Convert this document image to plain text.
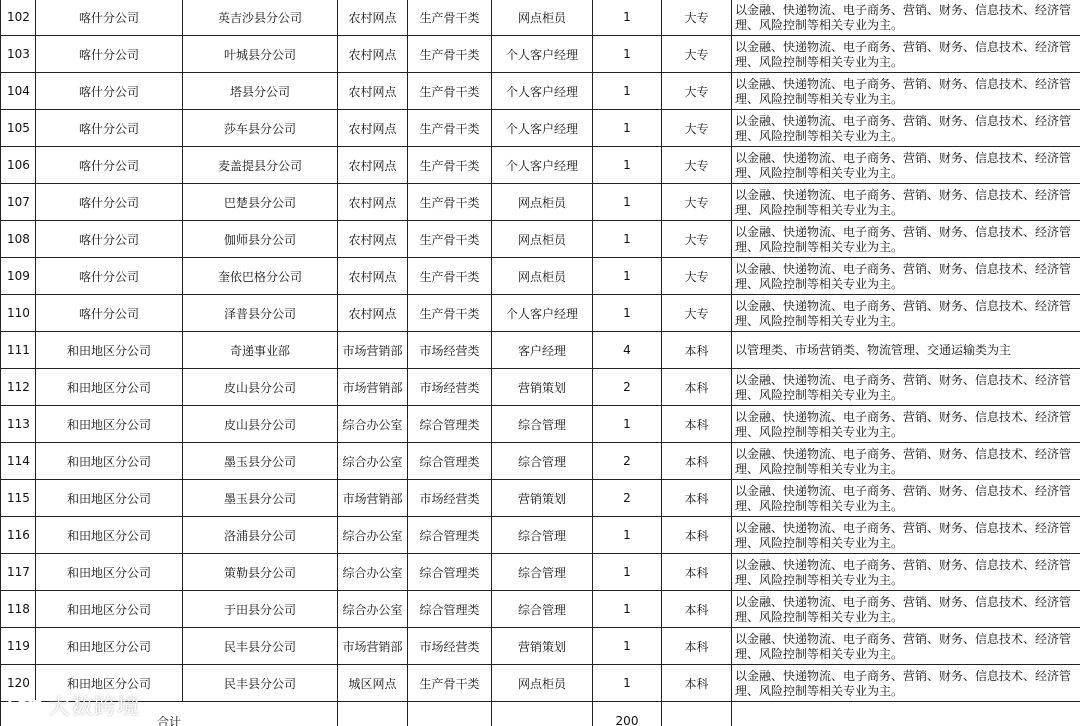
102	喀什分公司	英吉沙县分公司	农村网点	生产骨干类	网点柜员	1	大专	以金融、快递物流、电子商务、营销、财务、信息技术、经济管理、风险控制等相关专业为主。
103	喀什分公司	叶城县分公司	农村网点	生产骨干类	个人客户经理	1	大专	以金融、快递物流、电子商务、营销、财务、信息技术、经济管理、风险控制等相关专业为主。
104	喀什分公司	塔县分公司	农村网点	生产骨干类	个人客户经理	1	大专	以金融、快递物流、电子商务、营销、财务、信息技术、经济管理、风险控制等相关专业为主。
105	喀什分公司	莎车县分公司	农村网点	生产骨干类	个人客户经理	1	大专	以金融、快递物流、电子商务、营销、财务、信息技术、经济管理、风险控制等相关专业为主。
106	喀什分公司	麦盖提县分公司	农村网点	生产骨干类	个人客户经理	1	大专	以金融、快递物流、电子商务、营销、财务、信息技术、经济管理、风险控制等相关专业为主。
107	喀什分公司	巴楚县分公司	农村网点	生产骨干类	网点柜员	1	大专	以金融、快递物流、电子商务、营销、财务、信息技术、经济管理、风险控制等相关专业为主。
108	喀什分公司	伽师县分公司	农村网点	生产骨干类	网点柜员	1	大专	以金融、快递物流、电子商务、营销、财务、信息技术、经济管理、风险控制等相关专业为主。
109	喀什分公司	奎依巴格分公司	农村网点	生产骨干类	网点柜员	1	大专	以金融、快递物流、电子商务、营销、财务、信息技术、经济管理、风险控制等相关专业为主。
110	喀什分公司	泽普县分公司	农村网点	生产骨干类	个人客户经理	1	大专	以金融、快递物流、电子商务、营销、财务、信息技术、经济管理、风险控制等相关专业为主。
111	和田地区分公司	奇递事业部	市场营销部	市场经营类	客户经理	4	本科	以管理类、市场营销类、物流管理、交通运输类为主
112	和田地区分公司	皮山县分公司	市场营销部	市场经营类	营销策划	2	本科	以金融、快递物流、电子商务、营销、财务、信息技术、经济管理、风险控制等相关专业为主。
113	和田地区分公司	皮山县分公司	综合办公室	综合管理类	综合管理	1	本科	以金融、快递物流、电子商务、营销、财务、信息技术、经济管理、风险控制等相关专业为主。
114	和田地区分公司	墨玉县分公司	综合办公室	综合管理类	综合管理	2	本科	以金融、快递物流、电子商务、营销、财务、信息技术、经济管理、风险控制等相关专业为主。
115	和田地区分公司	墨玉县分公司	市场营销部	市场经营类	营销策划	2	本科	以金融、快递物流、电子商务、营销、财务、信息技术、经济管理、风险控制等相关专业为主。
116	和田地区分公司	洛浦县分公司	综合办公室	综合管理类	综合管理	1	本科	以金融、快递物流、电子商务、营销、财务、信息技术、经济管理、风险控制等相关专业为主。
117	和田地区分公司	策勒县分公司	综合办公室	综合管理类	综合管理	1	本科	以金融、快递物流、电子商务、营销、财务、信息技术、经济管理、风险控制等相关专业为主。
118	和田地区分公司	于田县分公司	综合办公室	综合管理类	综合管理	1	本科	以金融、快递物流、电子商务、营销、财务、信息技术、经济管理、风险控制等相关专业为主。
119	和田地区分公司	民丰县分公司	市场营销部	市场经营类	营销策划	1	本科	以金融、快递物流、电子商务、营销、财务、信息技术、经济管理、风险控制等相关专业为主。
120	和田地区分公司	民丰县分公司	城区网点	生产骨干类	网点柜员	1	本科	以金融、快递物流、电子商务、营销、财务、信息技术、经济管理、风险控制等相关专业为主。
合计						200		
大数跨境
